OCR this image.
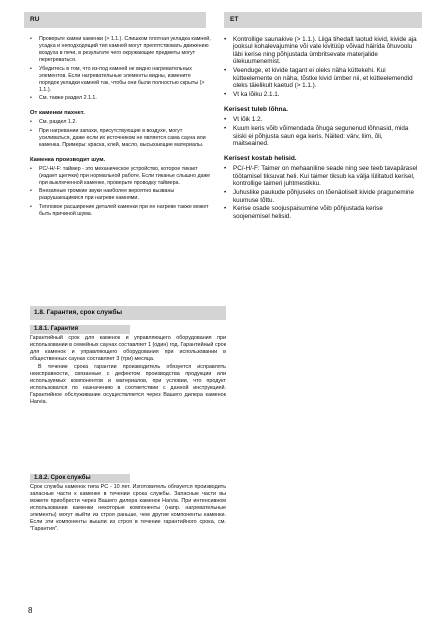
RU	ET
• Проверьте камни каменки (> 1.1.). Слишком плотная укладка камней, усадка и неподходящий тип камней могут препятствовать движению воздуха в печи, в результате чего окружающие предметы могут перегреваться.
• Убедитесь в том, что из-под камней не видно нагревательных элементов. Если нагревательные элементы видны, измените порядок укладки камней так, чтобы они были полностью скрыты (> 1.1.).
• См. также раздел 2.1.1.
От каменки пахнет.
• См. раздел 1.2.
• При нагревании запахи, присутствующие в воздухе, могут усиливаться, даже если их источником не является сама сауна или каменка. Примеры: краска, клей, масло, высыхающие материалы.
Каменка производит шум.
• PC/-H/-F: таймер - это механическое устройство, которое тикает (издает щелчки) при нормальной работе. Если тиканье слышно даже при выключенной каменке, проверьте проводку таймера.
• Внезапные громкие звуки наиболее вероятно вызваны разрушающимися при нагреве камнями.
• Тепловое расширение деталей каменки при ее нагреве также может быть причиной шума.
• Kontrollige saunakive (> 1.1.). Liiga tihedalt laotud kivid, kivide aja jooksul kohalevajumine või vale kivitüüp võivad häirida õhuvoolu läbi kerise ning põhjustada ümbritsevate materjalide ülekuumenemist.
• Veenduge, et kivide tagant ei oleks näha küttekehi. Kui kütteelemente on näha, tõstke kivid ümber nii, et kütteelemendid oleks täielikult kaetud (> 1.1.).
• Vt ka lõiku 2.1.1.
Kerisest tuleb lõhna.
• Vt lõik 1.2.
• Kuum keris võib võimendada õhuga segunenud lõhnasid, mida siiski ei põhjusta saun ega keris. Näited: värv, liim, õli, maitseained.
Kerisest kostab helisid.
• PC/-H/-F: Taimer on mehaaniline seade ning see teeb tavapärasel töötamisel tiksuvat heli. Kui taimer tiksub ka välja lülitatud kerisel, kontrollige taimeri juhtmestikku.
• Juhuslike paukude põhjuseks on tõenäoliselt kivide pragunemine kuumuse tõttu.
• Kerise osade soojuspaisumine võib põhjustada kerise soojenemisel helisid.
1.8. Гарантия, срок службы
1.8.1. Гарантия

Гарантийный срок для каменок и управляющего оборудования при использовании в семейных саунах составляет 1 (один) год. Гарантийный срок для каменок и управляющего оборудования при использовании в общественных саунах составляет 3 (три) месяца.

В течение срока гарантии производитель обязуется исправлять неисправности, связанные с дефектом производства продукции или используемых компонентов и материалов, при условии, что продукт использовался по назначению в соответствии с данной инструкцией. Гарантийное обслуживание осуществляется через Вашего дилера каменок Harvia.

1.8.2. Срок службы

Срок службы каменок типа PC - 10 лет. Изготовитель обязуется производить запасные части к каменке в течении срока службы. Запасные части вы можете приобрести через Вашего дилера каменок Harvia. При интенсивном использовании каменки некоторые компоненты (напр. нагревательные элементы) могут выйти из строя раньше, чем другие компоненты каменки. Если эти компоненты вышли из строя в течение гарантийного срока, см. "Гарантия".

8
